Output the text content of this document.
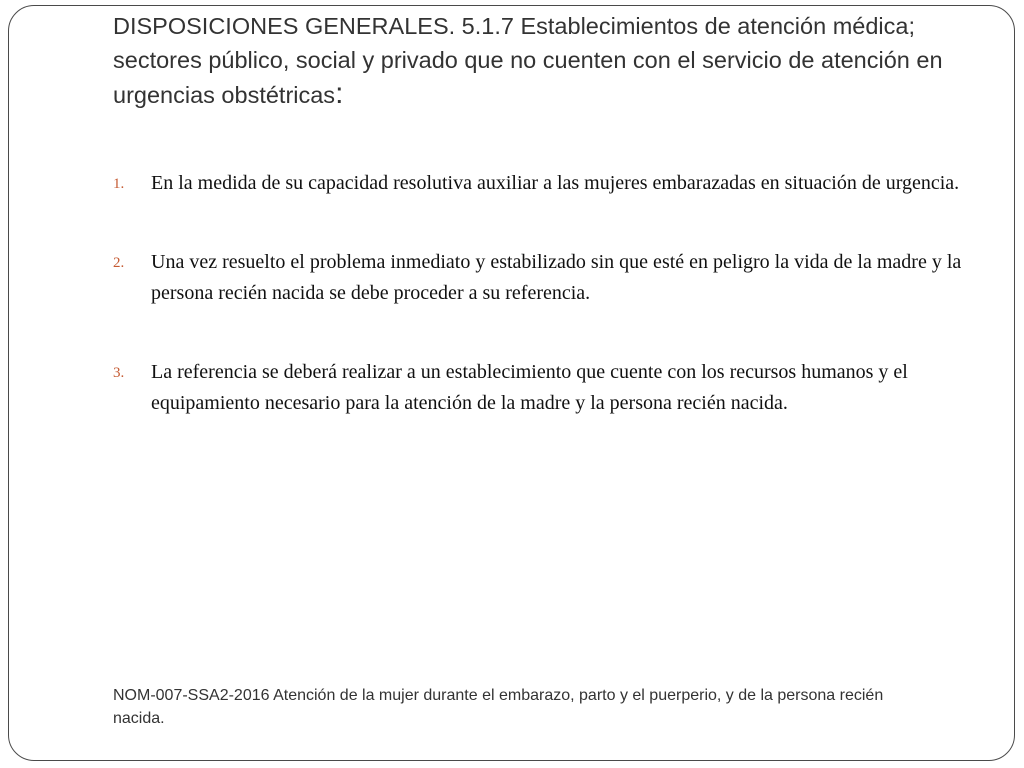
DISPOSICIONES GENERALES. 5.1.7 Establecimientos de atención médica; sectores público, social y privado que no cuenten con el servicio de atención en urgencias obstétricas:
1. En la medida de su capacidad resolutiva auxiliar a las mujeres embarazadas en situación de urgencia.
2. Una vez resuelto el problema inmediato y estabilizado sin que esté en peligro la vida de la madre y la persona recién nacida se debe proceder a su referencia.
3. La referencia se deberá realizar a un establecimiento que cuente con los recursos humanos y el equipamiento necesario para la atención de la madre y la persona recién nacida.
NOM-007-SSA2-2016 Atención de la mujer durante el embarazo, parto y el puerperio, y de la persona recién nacida.
